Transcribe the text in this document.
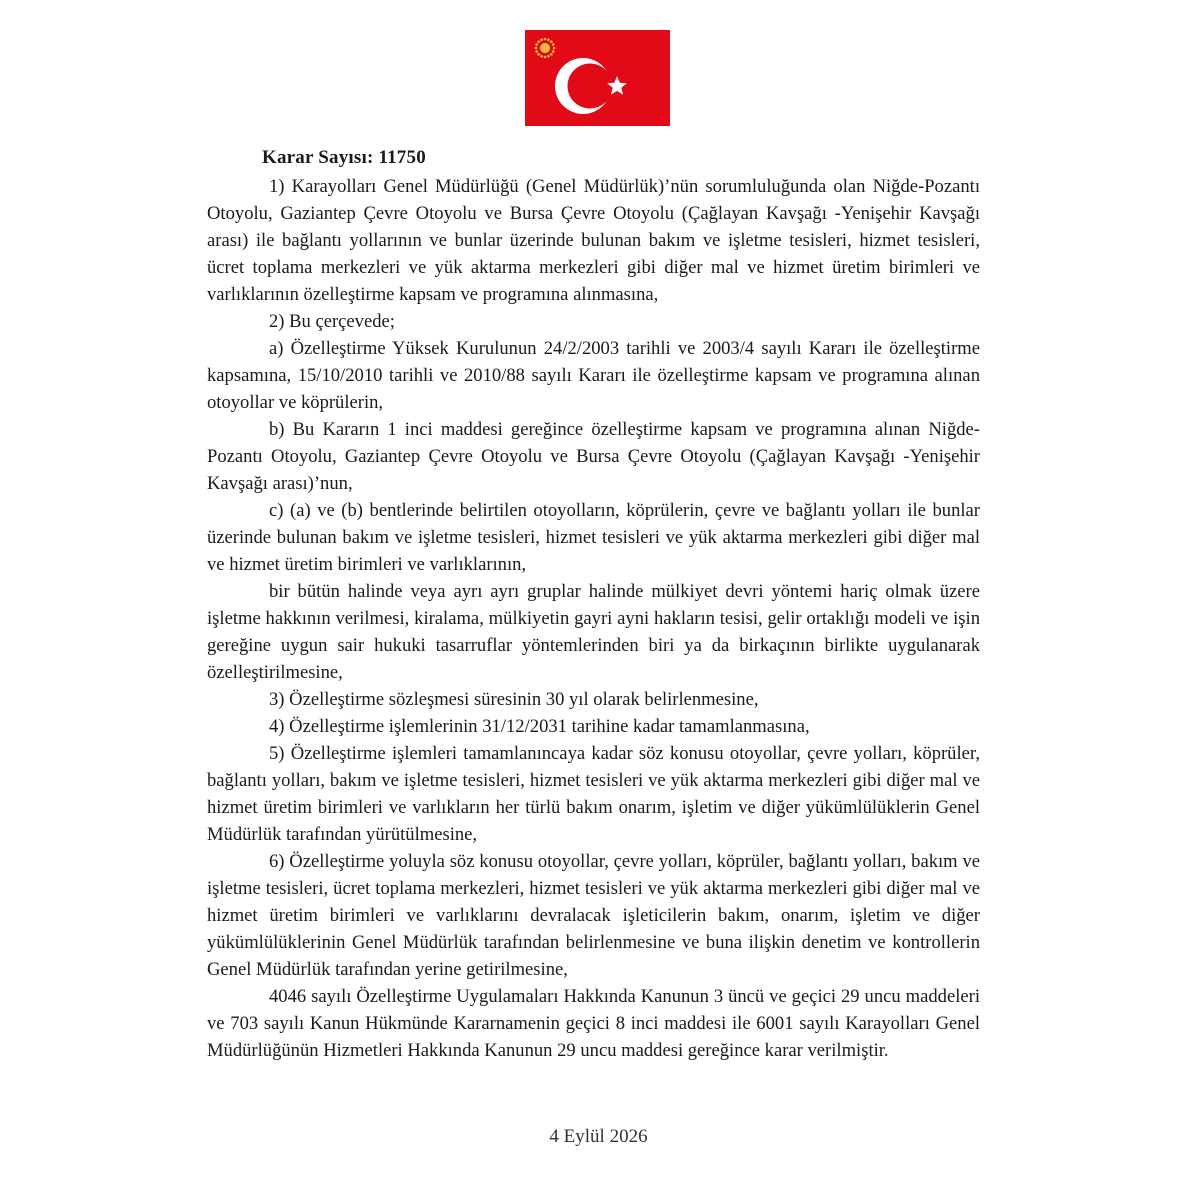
Karar Sayısı: 11750

1) Karayolları Genel Müdürlüğü (Genel Müdürlük)’nün sorumluluğunda olan Niğde-Pozantı Otoyolu, Gaziantep Çevre Otoyolu ve Bursa Çevre Otoyolu (Çağlayan Kavşağı -Yenişehir Kavşağı arası) ile bağlantı yollarının ve bunlar üzerinde bulunan bakım ve işletme tesisleri, hizmet tesisleri, ücret toplama merkezleri ve yük aktarma merkezleri gibi diğer mal ve hizmet üretim birimleri ve varlıklarının özelleştirme kapsam ve programına alınmasına,

2) Bu çerçevede;

a) Özelleştirme Yüksek Kurulunun 24/2/2003 tarihli ve 2003/4 sayılı Kararı ile özelleştirme kapsamına, 15/10/2010 tarihli ve 2010/88 sayılı Kararı ile özelleştirme kapsam ve programına alınan otoyollar ve köprülerin,

b) Bu Kararın 1 inci maddesi gereğince özelleştirme kapsam ve programına alınan Niğde-Pozantı Otoyolu, Gaziantep Çevre Otoyolu ve Bursa Çevre Otoyolu (Çağlayan Kavşağı -Yenişehir Kavşağı arası)’nun,

c) (a) ve (b) bentlerinde belirtilen otoyolların, köprülerin, çevre ve bağlantı yolları ile bunlar üzerinde bulunan bakım ve işletme tesisleri, hizmet tesisleri ve yük aktarma merkezleri gibi diğer mal ve hizmet üretim birimleri ve varlıklarının,

bir bütün halinde veya ayrı ayrı gruplar halinde mülkiyet devri yöntemi hariç olmak üzere işletme hakkının verilmesi, kiralama, mülkiyetin gayri ayni hakların tesisi, gelir ortaklığı modeli ve işin gereğine uygun sair hukuki tasarruflar yöntemlerinden biri ya da birkaçının birlikte uygulanarak özelleştirilmesine,

3) Özelleştirme sözleşmesi süresinin 30 yıl olarak belirlenmesine,

4) Özelleştirme işlemlerinin 31/12/2031 tarihine kadar tamamlanmasına,

5) Özelleştirme işlemleri tamamlanıncaya kadar söz konusu otoyollar, çevre yolları, köprüler, bağlantı yolları, bakım ve işletme tesisleri, hizmet tesisleri ve yük aktarma merkezleri gibi diğer mal ve hizmet üretim birimleri ve varlıkların her türlü bakım onarım, işletim ve diğer yükümlülüklerin Genel Müdürlük tarafından yürütülmesine,

6) Özelleştirme yoluyla söz konusu otoyollar, çevre yolları, köprüler, bağlantı yolları, bakım ve işletme tesisleri, ücret toplama merkezleri, hizmet tesisleri ve yük aktarma merkezleri gibi diğer mal ve hizmet üretim birimleri ve varlıklarını devralacak işleticilerin bakım, onarım, işletim ve diğer yükümlülüklerinin Genel Müdürlük tarafından belirlenmesine ve buna ilişkin denetim ve kontrollerin Genel Müdürlük tarafından yerine getirilmesine,

4046 sayılı Özelleştirme Uygulamaları Hakkında Kanunun 3 üncü ve geçici 29 uncu maddeleri ve 703 sayılı Kanun Hükmünde Kararnamenin geçici 8 inci maddesi ile 6001 sayılı Karayolları Genel Müdürlüğünün Hizmetleri Hakkında Kanunun 29 uncu maddesi gereğince karar verilmiştir.

4 Eylül 2026
